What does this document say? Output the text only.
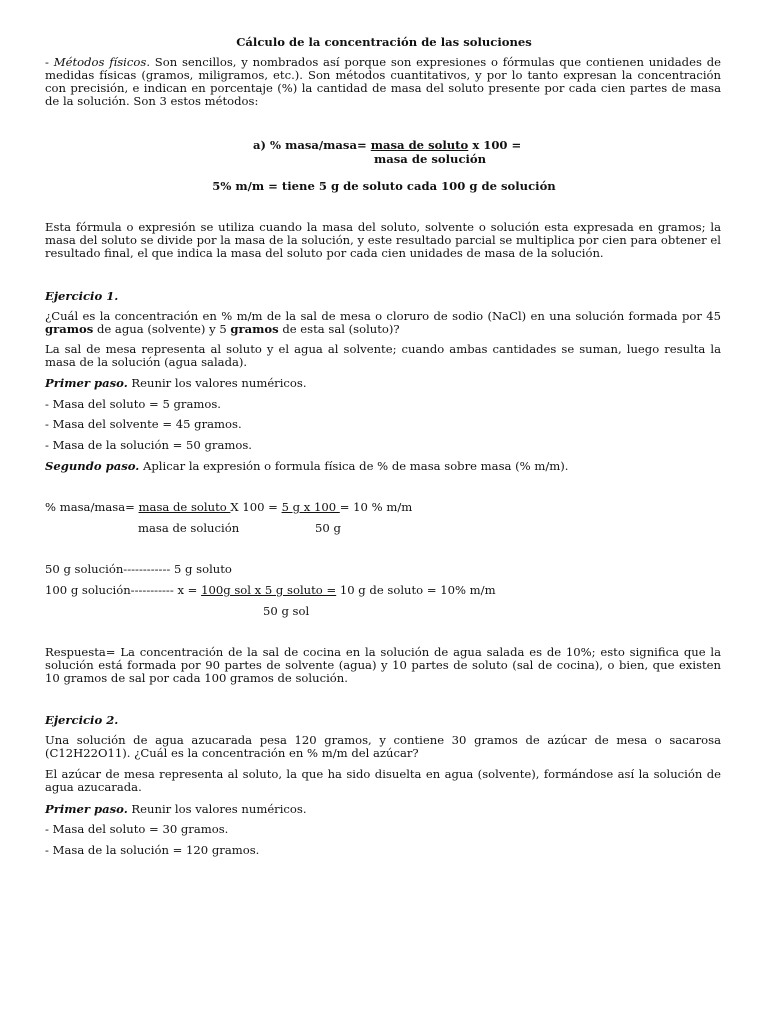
Cálculo de la concentración de las soluciones

- Métodos físicos. Son sencillos, y nombrados así porque son expresiones o fórmulas que contienen unidades de medidas físicas (gramos, miligramos, etc.). Son métodos cuantitativos, y por lo tanto expresan la concentración con precisión, e indican en porcentaje (%) la cantidad de masa del soluto presente por cada cien partes de masa de la solución. Son 3 estos métodos:

a) % masa/masa= masa de soluto x 100 =
masa de solución
5% m/m = tiene 5 g de soluto cada 100 g de solución

Esta fórmula o expresión se utiliza cuando la masa del soluto, solvente o solución esta expresada en gramos; la masa del soluto se divide por la masa de la solución, y este resultado parcial se multiplica por cien para obtener el resultado final, el que indica la masa del soluto por cada cien unidades de masa de la solución.

Ejercicio 1.

¿Cuál es la concentración en % m/m de la sal de mesa o cloruro de sodio (NaCl) en una solución formada por 45 gramos de agua (solvente) y 5 gramos de esta sal (soluto)?

La sal de mesa representa al soluto y el agua al solvente; cuando ambas cantidades se suman, luego resulta la masa de la solución (agua salada).

Primer paso. Reunir los valores numéricos.
- Masa del soluto = 5 gramos.
- Masa del solvente = 45 gramos.
- Masa de la solución = 50 gramos.
Segundo paso. Aplicar la expresión o formula física de % de masa sobre masa (% m/m).
% masa/masa= masa de soluto X 100 = 5 g x 100 = 10 % m/m
masa de solución	50 g
50 g solución------------ 5 g soluto
100 g solución----------- x = 100g sol x 5 g soluto = 10 g de soluto = 10% m/m
50 g sol

Respuesta= La concentración de la sal de cocina en la solución de agua salada es de 10%; esto significa que la solución está formada por 90 partes de solvente (agua) y 10 partes de soluto (sal de cocina), o bien, que existen 10 gramos de sal por cada 100 gramos de solución.

Ejercicio 2.

Una solución de agua azucarada pesa 120 gramos, y contiene 30 gramos de azúcar de mesa o sacarosa (C12H22O11). ¿Cuál es la concentración en % m/m del azúcar?

El azúcar de mesa representa al soluto, la que ha sido disuelta en agua (solvente), formándose así la solución de agua azucarada.

Primer paso. Reunir los valores numéricos.
- Masa del soluto = 30 gramos.
- Masa de la solución = 120 gramos.
